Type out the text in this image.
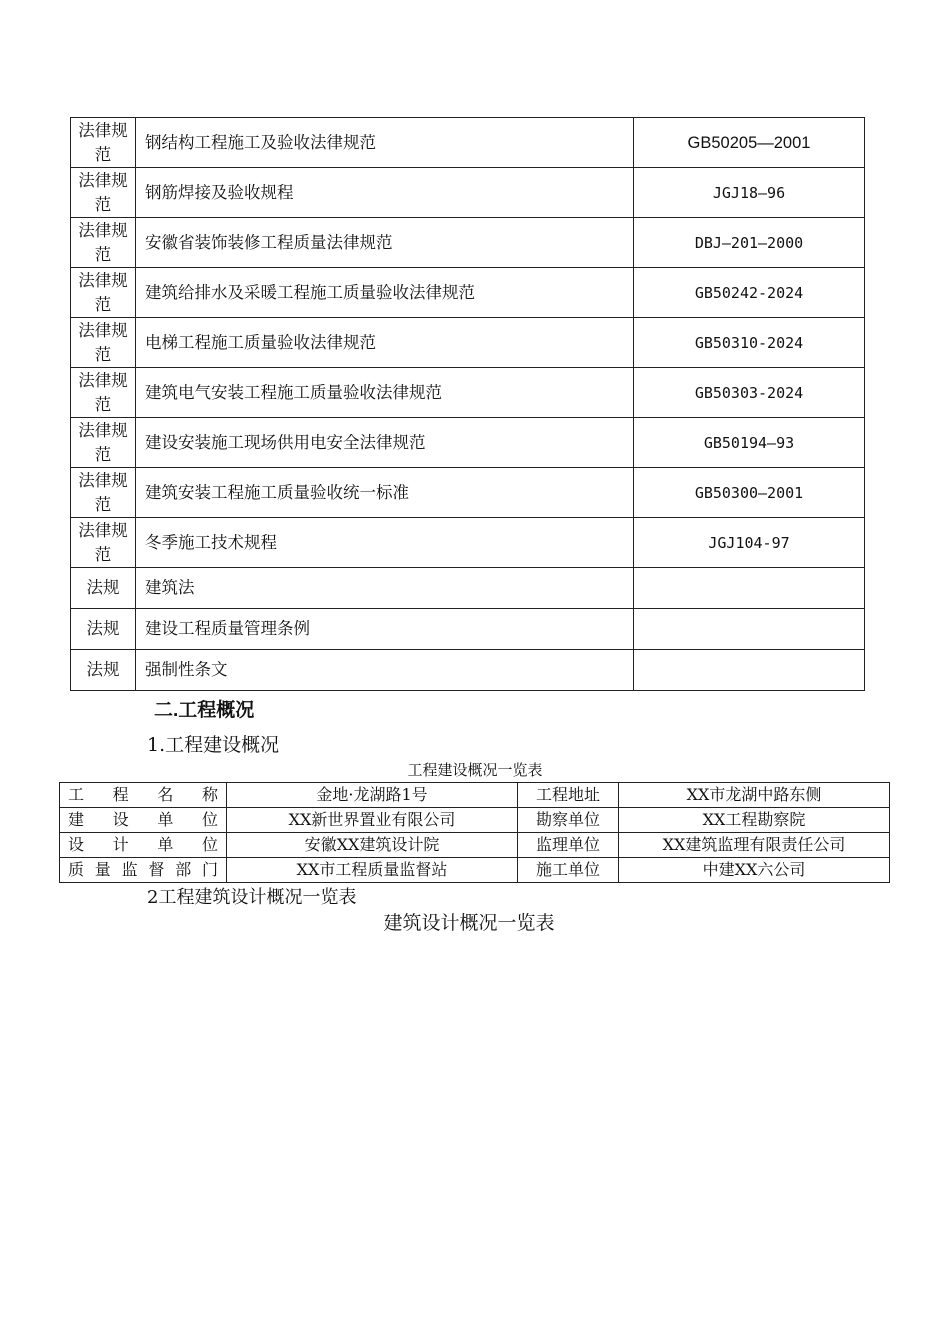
法律规范	钢结构工程施工及验收法律规范	GB50205—2001
法律规范	钢筋焊接及验收规程	JGJ18—96
法律规范	安徽省装饰装修工程质量法律规范	DBJ—201—2000
法律规范	建筑给排水及采暖工程施工质量验收法律规范	GB50242-2024
法律规范	电梯工程施工质量验收法律规范	GB50310-2024
法律规范	建筑电气安装工程施工质量验收法律规范	GB50303-2024
法律规范	建设安装施工现场供用电安全法律规范	GB50194—93
法律规范	建筑安装工程施工质量验收统一标准	GB50300—2001
法律规范	冬季施工技术规程	JGJ104-97
法规	建筑法	
法规	建设工程质量管理条例	
法规	强制性条文	
二.工程概况
1.工程建设概况
工程建设概况一览表
工程名称	金地·龙湖路1号	工程地址	XX市龙湖中路东侧
建设单位	XX新世界置业有限公司	勘察单位	XX工程勘察院
设计单位	安徽XX建筑设计院	监理单位	XX建筑监理有限责任公司
质量监督部门	XX市工程质量监督站	施工单位	中建XX六公司
2工程建筑设计概况一览表
建筑设计概况一览表
